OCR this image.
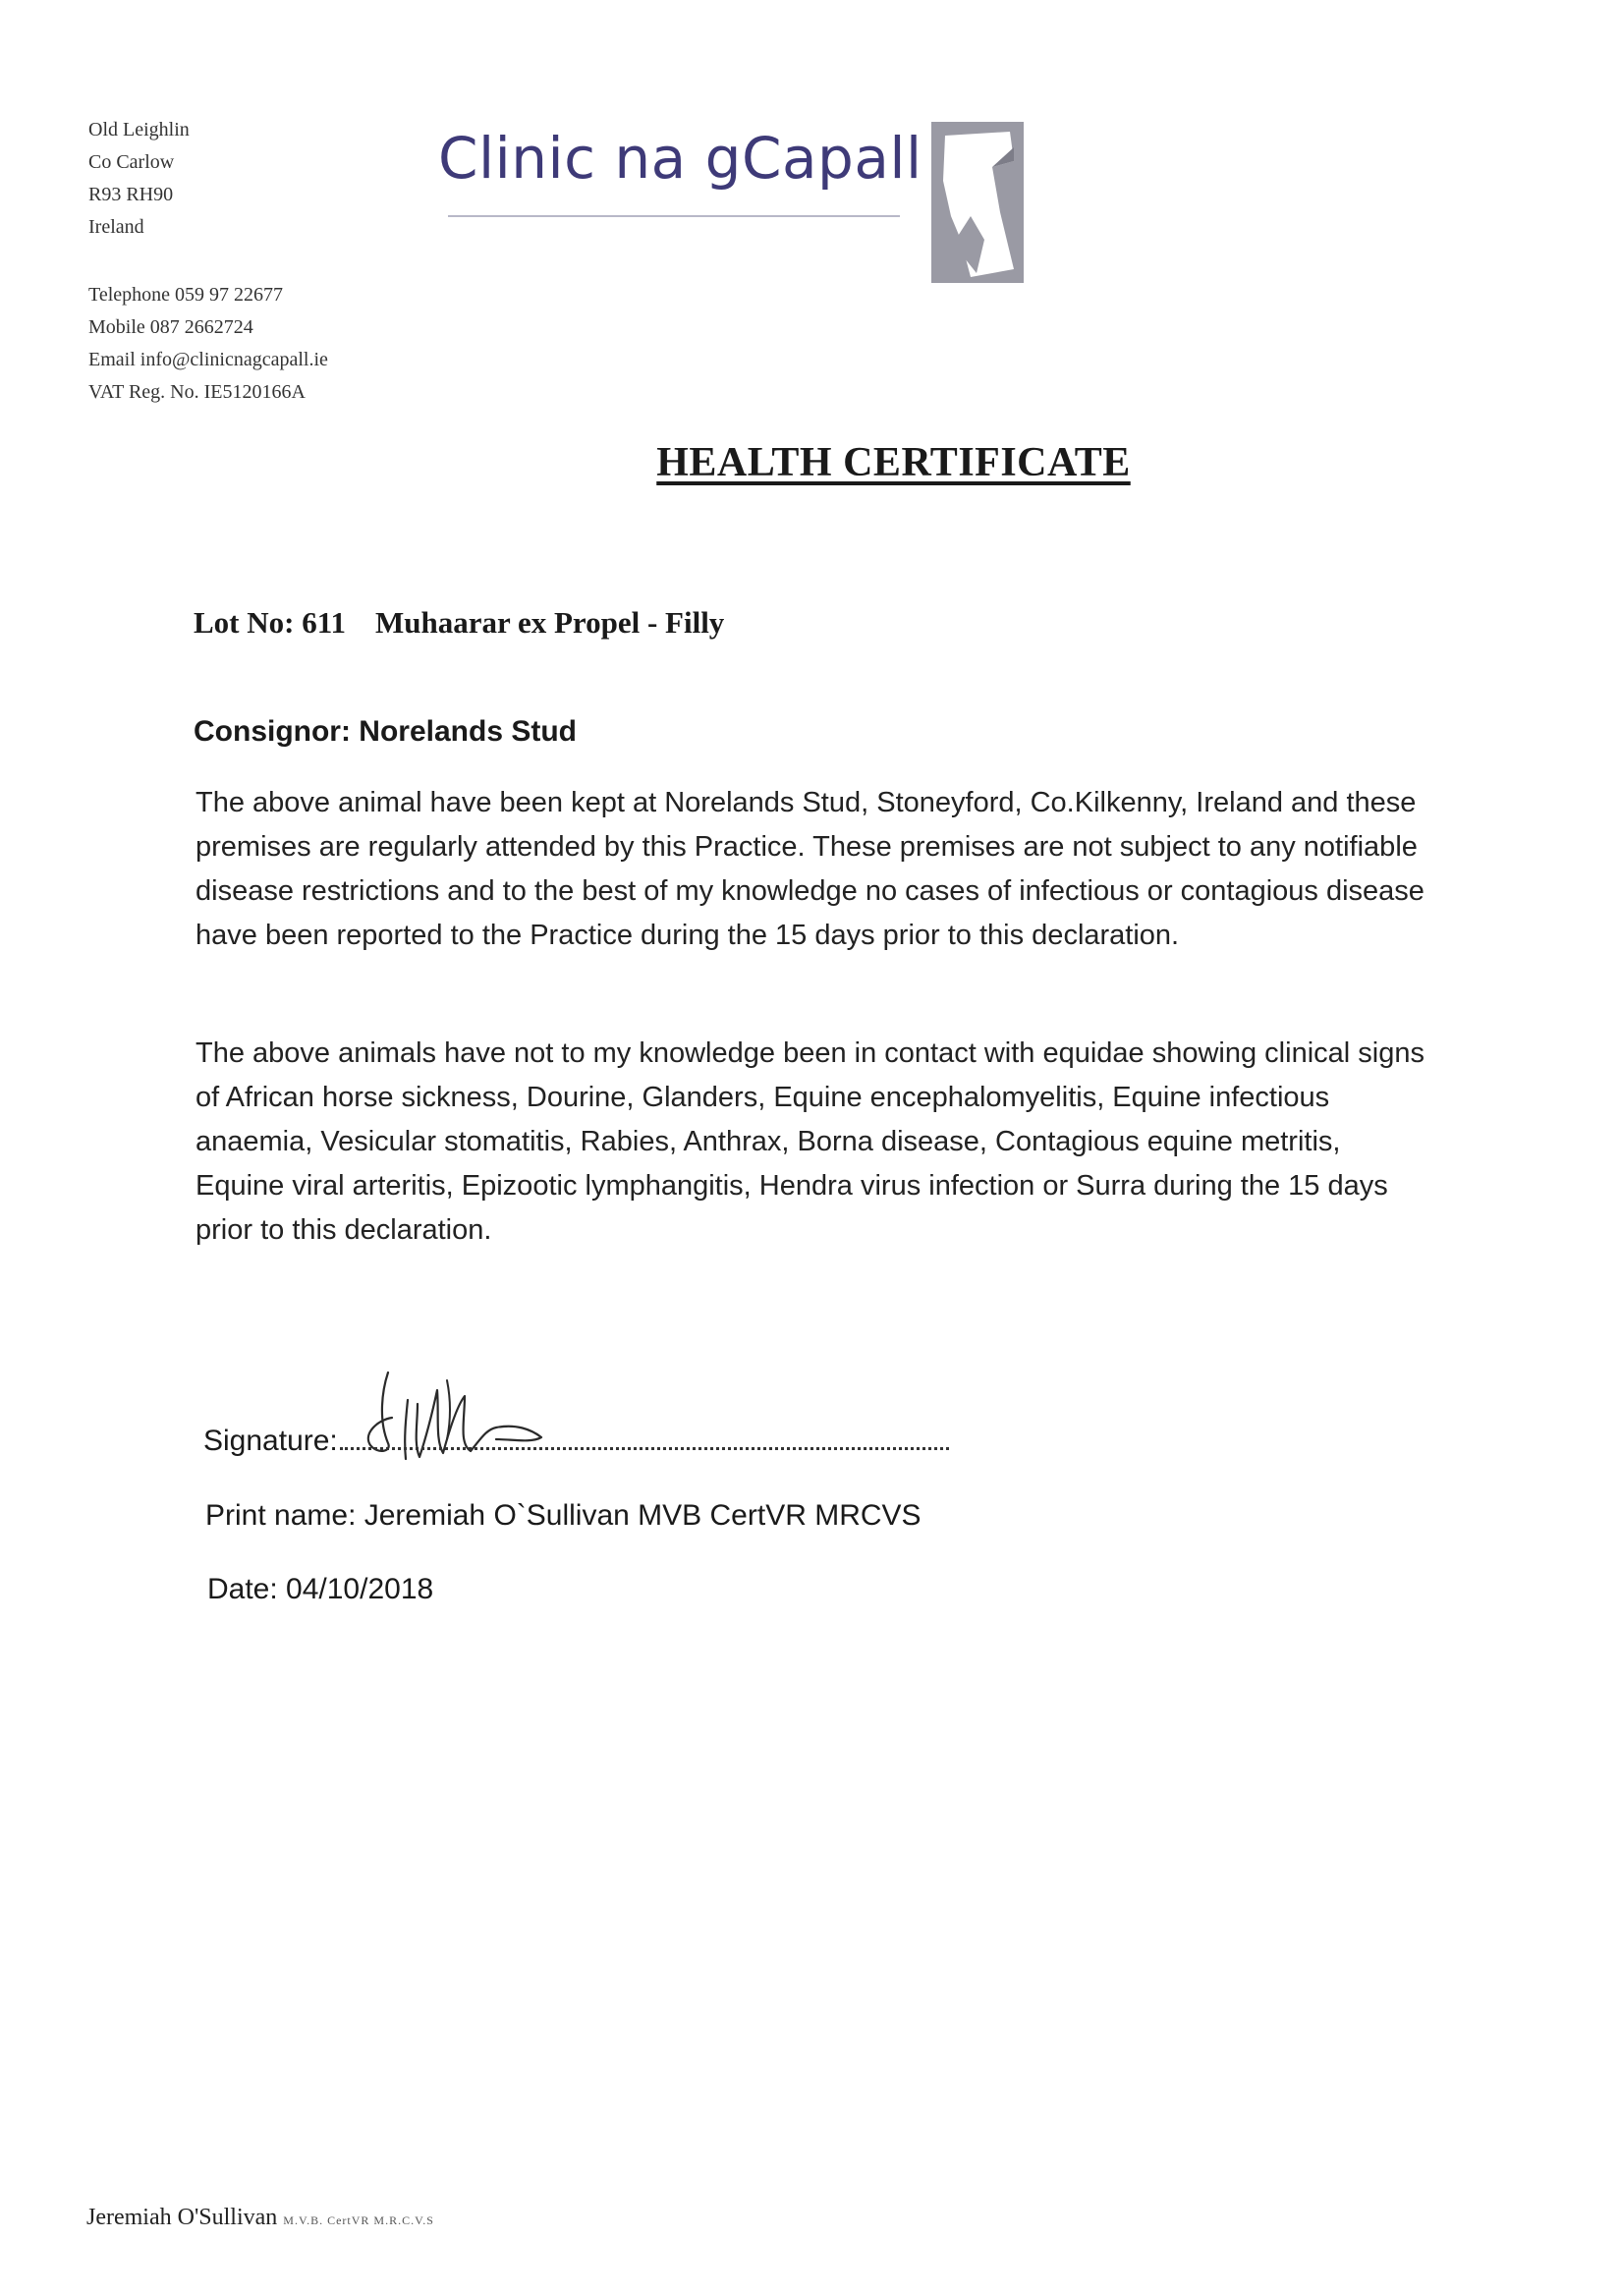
Old Leighlin
Co Carlow
R93 RH90
Ireland
Telephone 059 97 22677
Mobile 087 2662724
Email info@clinicnagcapall.ie
VAT Reg. No. IE5120166A
Clinic na gCapall
HEALTH CERTIFICATE
Lot No: 611 Muhaarar ex Propel - Filly
Consignor: Norelands Stud
The above animal have been kept at Norelands Stud, Stoneyford, Co.Kilkenny, Ireland and these premises are regularly attended by this Practice. These premises are not subject to any notifiable disease restrictions and to the best of my knowledge no cases of infectious or contagious disease have been reported to the Practice during the 15 days prior to this declaration.
The above animals have not to my knowledge been in contact with equidae showing clinical signs of African horse sickness, Dourine, Glanders, Equine encephalomyelitis, Equine infectious anaemia, Vesicular stomatitis, Rabies, Anthrax, Borna disease, Contagious equine metritis, Equine viral arteritis, Epizootic lymphangitis, Hendra virus infection or Surra during the 15 days prior to this declaration.
Signature:
Print name: Jeremiah O`Sullivan MVB CertVR MRCVS
Date: 04/10/2018
Jeremiah O'Sullivan M.V.B. CertVR M.R.C.V.S
